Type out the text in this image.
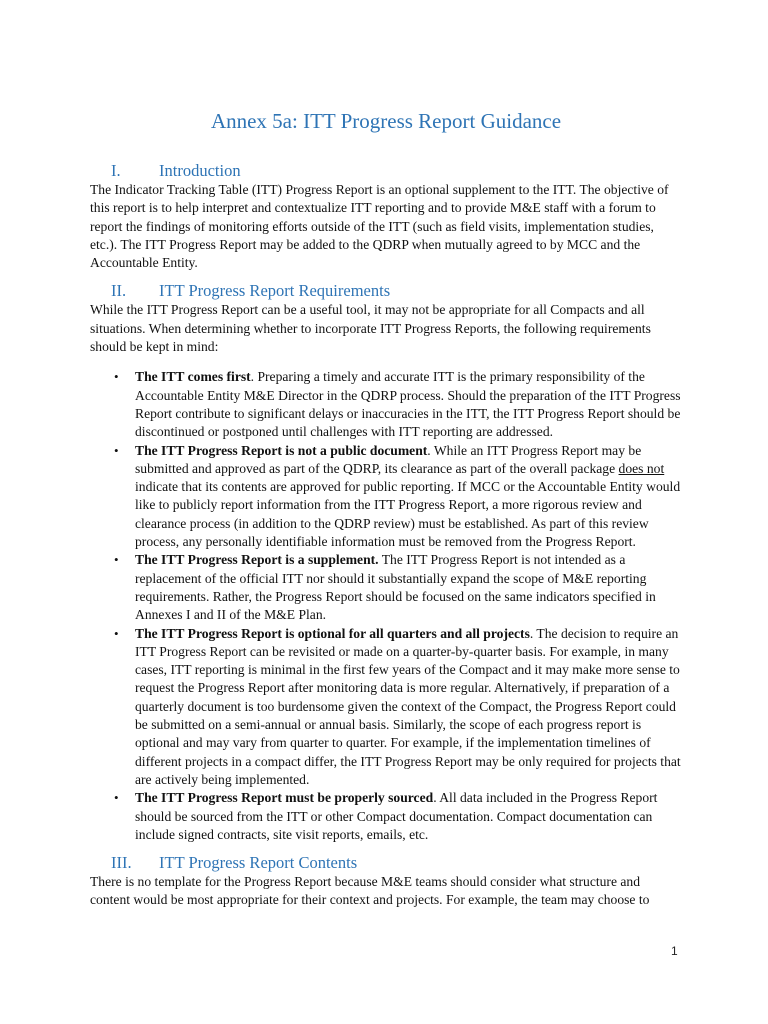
Annex 5a: ITT Progress Report Guidance
I.	Introduction

The Indicator Tracking Table (ITT) Progress Report is an optional supplement to the ITT. The objective of this report is to help interpret and contextualize ITT reporting and to provide M&E staff with a forum to report the findings of monitoring efforts outside of the ITT (such as field visits, implementation studies, etc.). The ITT Progress Report may be added to the QDRP when mutually agreed to by MCC and the Accountable Entity.

II.	ITT Progress Report Requirements

While the ITT Progress Report can be a useful tool, it may not be appropriate for all Compacts and all situations. When determining whether to incorporate ITT Progress Reports, the following requirements should be kept in mind:

• The ITT comes first. Preparing a timely and accurate ITT is the primary responsibility of the Accountable Entity M&E Director in the QDRP process. Should the preparation of the ITT Progress Report contribute to significant delays or inaccuracies in the ITT, the ITT Progress Report should be discontinued or postponed until challenges with ITT reporting are addressed.
• The ITT Progress Report is not a public document. While an ITT Progress Report may be submitted and approved as part of the QDRP, its clearance as part of the overall package does not indicate that its contents are approved for public reporting. If MCC or the Accountable Entity would like to publicly report information from the ITT Progress Report, a more rigorous review and clearance process (in addition to the QDRP review) must be established. As part of this review process, any personally identifiable information must be removed from the Progress Report.
• The ITT Progress Report is a supplement. The ITT Progress Report is not intended as a replacement of the official ITT nor should it substantially expand the scope of M&E reporting requirements. Rather, the Progress Report should be focused on the same indicators specified in Annexes I and II of the M&E Plan.
• The ITT Progress Report is optional for all quarters and all projects. The decision to require an ITT Progress Report can be revisited or made on a quarter-by-quarter basis. For example, in many cases, ITT reporting is minimal in the first few years of the Compact and it may make more sense to request the Progress Report after monitoring data is more regular. Alternatively, if preparation of a quarterly document is too burdensome given the context of the Compact, the Progress Report could be submitted on a semi-annual or annual basis. Similarly, the scope of each progress report is optional and may vary from quarter to quarter. For example, if the implementation timelines of different projects in a compact differ, the ITT Progress Report may be only required for projects that are actively being implemented.
• The ITT Progress Report must be properly sourced. All data included in the Progress Report should be sourced from the ITT or other Compact documentation. Compact documentation can include signed contracts, site visit reports, emails, etc.
III.	ITT Progress Report Contents

There is no template for the Progress Report because M&E teams should consider what structure and content would be most appropriate for their context and projects. For example, the team may choose to

1
